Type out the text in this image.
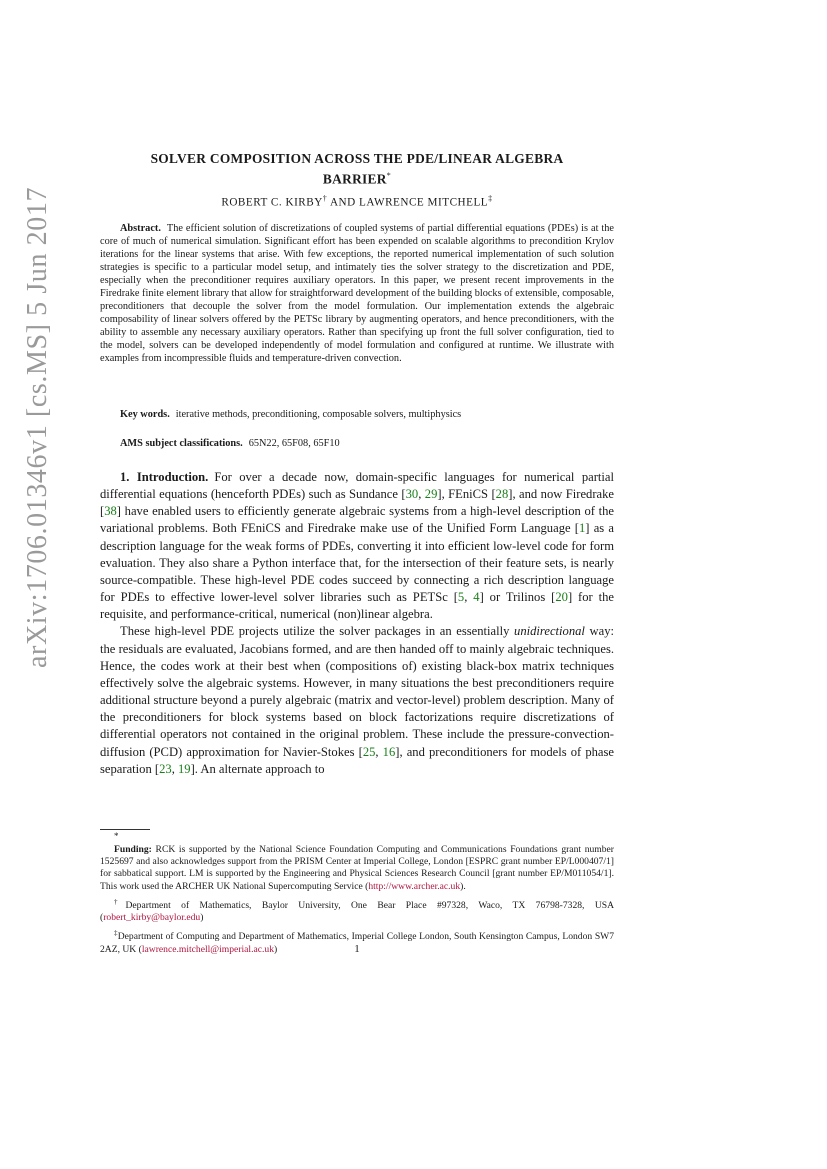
arXiv:1706.01346v1 [cs.MS] 5 Jun 2017
SOLVER COMPOSITION ACROSS THE PDE/LINEAR ALGEBRA
BARRIER*
ROBERT C. KIRBY† AND LAWRENCE MITCHELL‡
Abstract. The efficient solution of discretizations of coupled systems of partial differential equations (PDEs) is at the core of much of numerical simulation. Significant effort has been expended on scalable algorithms to precondition Krylov iterations for the linear systems that arise. With few exceptions, the reported numerical implementation of such solution strategies is specific to a particular model setup, and intimately ties the solver strategy to the discretization and PDE, especially when the preconditioner requires auxiliary operators. In this paper, we present recent improvements in the Firedrake finite element library that allow for straightforward development of the building blocks of extensible, composable, preconditioners that decouple the solver from the model formulation. Our implementation extends the algebraic composability of linear solvers offered by the PETSc library by augmenting operators, and hence preconditioners, with the ability to assemble any necessary auxiliary operators. Rather than specifying up front the full solver configuration, tied to the model, solvers can be developed independently of model formulation and configured at runtime. We illustrate with examples from incompressible fluids and temperature-driven convection.
Key words. iterative methods, preconditioning, composable solvers, multiphysics
AMS subject classifications. 65N22, 65F08, 65F10

1. Introduction. For over a decade now, domain-specific languages for numerical partial differential equations (henceforth PDEs) such as Sundance [30, 29], FEniCS [28], and now Firedrake [38] have enabled users to efficiently generate algebraic systems from a high-level description of the variational problems. Both FEniCS and Firedrake make use of the Unified Form Language [1] as a description language for the weak forms of PDEs, converting it into efficient low-level code for form evaluation. They also share a Python interface that, for the intersection of their feature sets, is nearly source-compatible. These high-level PDE codes succeed by connecting a rich description language for PDEs to effective lower-level solver libraries such as PETSc [5, 4] or Trilinos [20] for the requisite, and performance-critical, numerical (non)linear algebra.

These high-level PDE projects utilize the solver packages in an essentially unidirectional way: the residuals are evaluated, Jacobians formed, and are then handed off to mainly algebraic techniques. Hence, the codes work at their best when (compositions of) existing black-box matrix techniques effectively solve the algebraic systems. However, in many situations the best preconditioners require additional structure beyond a purely algebraic (matrix and vector-level) problem description. Many of the preconditioners for block systems based on block factorizations require discretizations of differential operators not contained in the original problem. These include the pressure-convection-diffusion (PCD) approximation for Navier-Stokes [25, 16], and preconditioners for models of phase separation [23, 19]. An alternate approach to

*

Funding: RCK is supported by the National Science Foundation Computing and Communications Foundations grant number 1525697 and also acknowledges support from the PRISM Center at Imperial College, London [ESPRC grant number EP/L000407/1] for sabbatical support. LM is supported by the Engineering and Physical Sciences Research Council [grant number EP/M011054/1]. This work used the ARCHER UK National Supercomputing Service (http://www.archer.ac.uk).

†Department of Mathematics, Baylor University, One Bear Place #97328, Waco, TX 76798-7328, USA (robert_kirby@baylor.edu)

‡Department of Computing and Department of Mathematics, Imperial College London, South Kensington Campus, London SW7 2AZ, UK (lawrence.mitchell@imperial.ac.uk)	1
